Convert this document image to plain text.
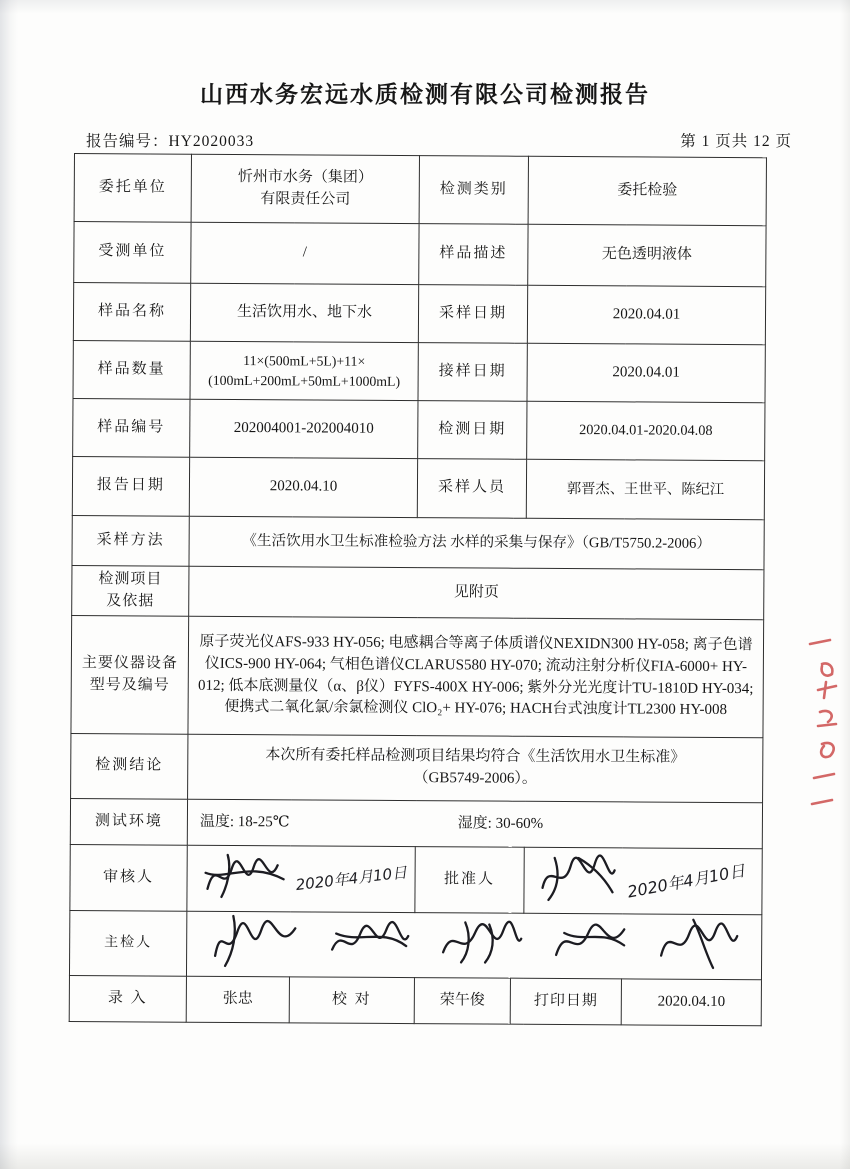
山西水务宏远水质检测有限公司检测报告
报告编号：HY2020033	第 1 页共 12 页
委托单位	忻州市水务（集团）
有限责任公司		检测类别		委托检验	
受测单位	/		样品描述		无色透明液体	
样品名称	生活饮用水、地下水		采样日期		2020.04.01	
样品数量	11×(500mL+5L)+11×
(100mL+200mL+50mL+1000mL)		接样日期		2020.04.01	
样品编号	202004001-202004010		检测日期		2020.04.01-2020.04.08	
报告日期	2020.04.10		采样人员		郭晋杰、王世平、陈纪江	
采样方法	《生活饮用水卫生标准检验方法 水样的采集与保存》（GB/T5750.2-2006）					
检测项目
及依据	见附页					
主要仪器设备
型号及编号	原子荧光仪AFS-933 HY-056; 电感耦合等离子体质谱仪NEXIDN300 HY-058; 离子色谱仪ICS-900 HY-064; 气相色谱仪CLARUS580 HY-070; 流动注射分析仪FIA-6000+ HY-012; 低本底测量仪（α、β仪）FYFS-400X HY-006; 紫外分光光度计TU-1810D HY-034; 便携式二氧化氯/余氯检测仪 ClO₂+ HY-076; HACH台式浊度计TL2300 HY-008					
检测结论	本次所有委托样品检测项目结果均符合《生活饮用水卫生标准》
（GB5749-2006）。					
测试环境	温度: 18-25℃ 湿度: 30-60%					

审核人	2020年4月10日		批准人		2020年4月10日	

主检人	

录 入	张忠	校 对	荣午俊	打印日期		2020.04.10
